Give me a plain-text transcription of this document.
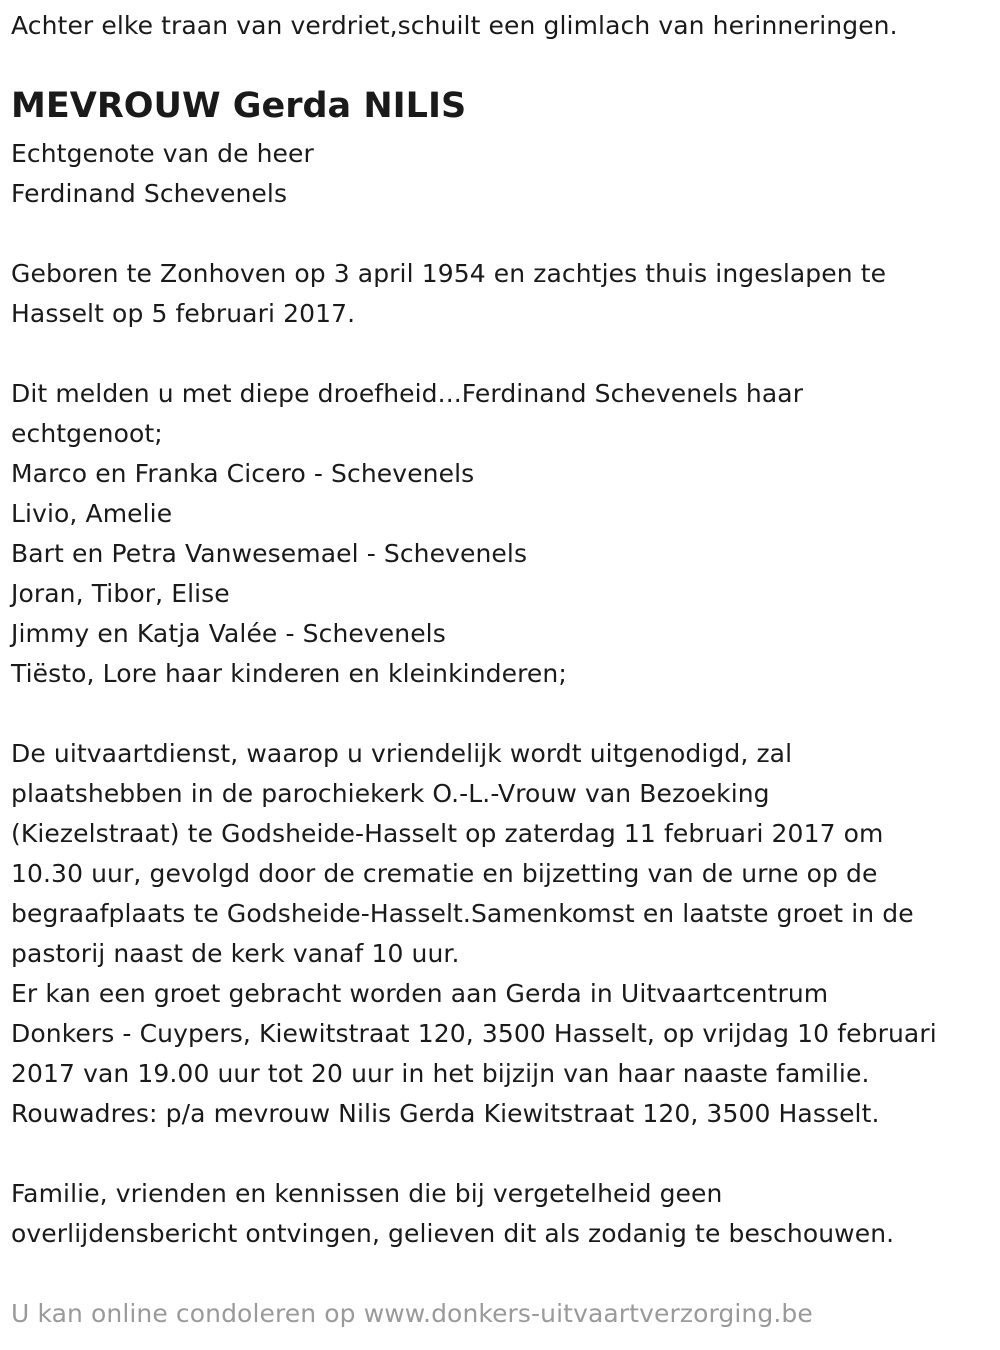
Achter elke traan van verdriet,schuilt een glimlach van herinneringen.
MEVROUW Gerda NILIS
Echtgenote van de heer
Ferdinand Schevenels
Geboren te Zonhoven op 3 april 1954 en zachtjes thuis ingeslapen te
Hasselt op 5 februari 2017.
Dit melden u met diepe droefheid...Ferdinand Schevenels haar
echtgenoot;
Marco en Franka Cicero - Schevenels
Livio, Amelie
Bart en Petra Vanwesemael - Schevenels
Joran, Tibor, Elise
Jimmy en Katja Valée - Schevenels
Tiësto, Lore haar kinderen en kleinkinderen;
De uitvaartdienst, waarop u vriendelijk wordt uitgenodigd, zal
plaatshebben in de parochiekerk O.-L.-Vrouw van Bezoeking
(Kiezelstraat) te Godsheide-Hasselt op zaterdag 11 februari 2017 om
10.30 uur, gevolgd door de crematie en bijzetting van de urne op de
begraafplaats te Godsheide-Hasselt.Samenkomst en laatste groet in de
pastorij naast de kerk vanaf 10 uur.
Er kan een groet gebracht worden aan Gerda in Uitvaartcentrum
Donkers - Cuypers, Kiewitstraat 120, 3500 Hasselt, op vrijdag 10 februari
2017 van 19.00 uur tot 20 uur in het bijzijn van haar naaste familie.
Rouwadres: p/a mevrouw Nilis Gerda Kiewitstraat 120, 3500 Hasselt.
Familie, vrienden en kennissen die bij vergetelheid geen
overlijdensbericht ontvingen, gelieven dit als zodanig te beschouwen.
U kan online condoleren op www.donkers-uitvaartverzorging.be
